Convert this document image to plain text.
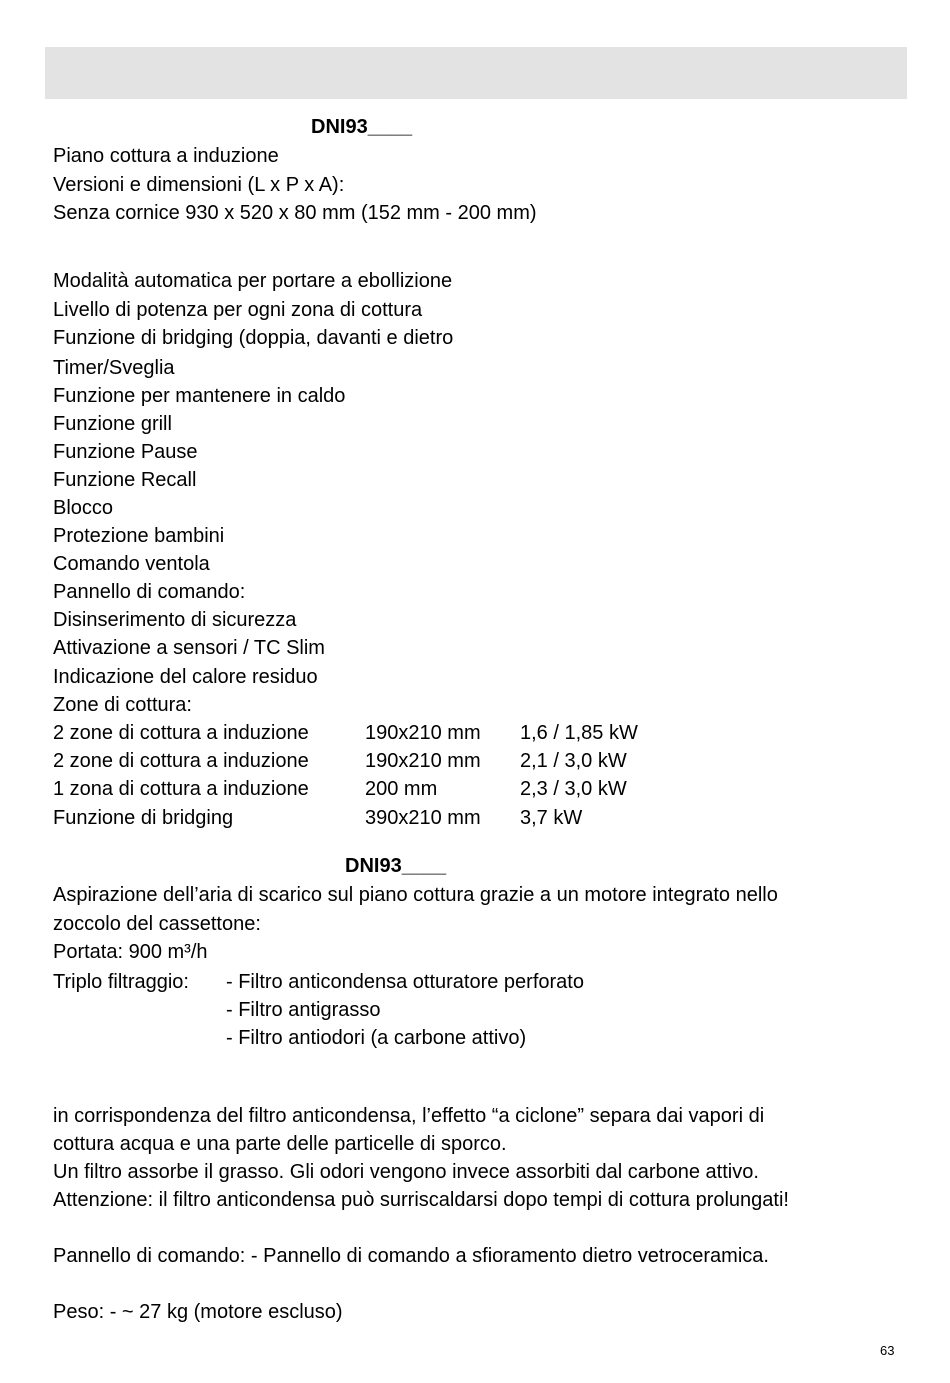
DNI93____
Piano cottura a induzione
Versioni e dimensioni (L x P x A):
Senza cornice 930 x 520 x 80 mm (152 mm - 200 mm)
Modalità automatica per portare a ebollizione
Livello di potenza per ogni zona di cottura
Funzione di bridging (doppia, davanti e dietro
Timer/Sveglia
Funzione per mantenere in caldo
Funzione grill
Funzione Pause
Funzione Recall
Blocco
Protezione bambini
Comando ventola
Pannello di comando:
Disinserimento di sicurezza
Attivazione a sensori / TC Slim
Indicazione del calore residuo
Zone di cottura:
2 zone di cottura a induzione	190x210 mm 1,6 / 1,85 kW
2 zone di cottura a induzione	190x210 mm 2,1 / 3,0 kW
1 zona di cottura a induzione	200 mm	2,3 / 3,0 kW
Funzione di bridging	390x210 mm 3,7 kW
DNI93____
Aspirazione dell’aria di scarico sul piano cottura grazie a un motore integrato nello
zoccolo del cassettone:
Portata: 900 m³/h
Triplo filtraggio: - Filtro anticondensa otturatore perforato
- Filtro antigrasso
- Filtro antiodori (a carbone attivo)
in corrispondenza del filtro anticondensa, l’effetto “a ciclone” separa dai vapori di
cottura acqua e una parte delle particelle di sporco.
Un filtro assorbe il grasso. Gli odori vengono invece assorbiti dal carbone attivo.
Attenzione: il filtro anticondensa può surriscaldarsi dopo tempi di cottura prolungati!
Pannello di comando: - Pannello di comando a sfioramento dietro vetroceramica.
Peso: - ~ 27 kg (motore escluso)
63
